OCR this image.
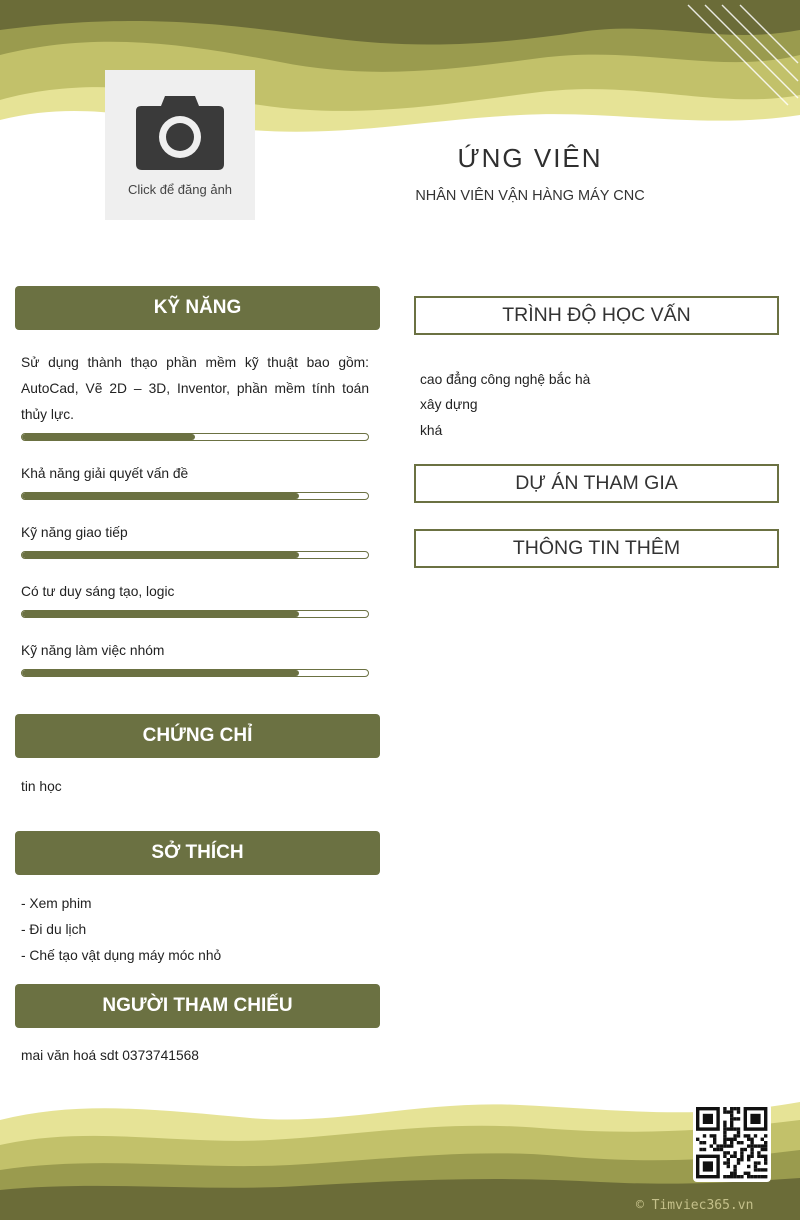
Click để đăng ảnh
ỨNG VIÊN
NHÂN VIÊN VẬN HÀNG MÁY CNC
KỸ NĂNG
Sử dụng thành thạo phần mềm kỹ thuật bao gồm: AutoCad, Vẽ 2D – 3D, Inventor, phần mềm tính toán thủy lực.
Khả năng giải quyết vấn đề
Kỹ năng giao tiếp
Có tư duy sáng tạo, logic
Kỹ năng làm việc nhóm
CHỨNG CHỈ
tin học
SỞ THÍCH
- Xem phim
- Đi du lịch
- Chế tạo vật dụng máy móc nhỏ
NGƯỜI THAM CHIẾU
mai văn hoá sdt 0373741568
TRÌNH ĐỘ HỌC VẤN
cao đẳng công nghệ bắc hà
xây dựng
khá
DỰ ÁN THAM GIA
THÔNG TIN THÊM
© Timviec365.vn
